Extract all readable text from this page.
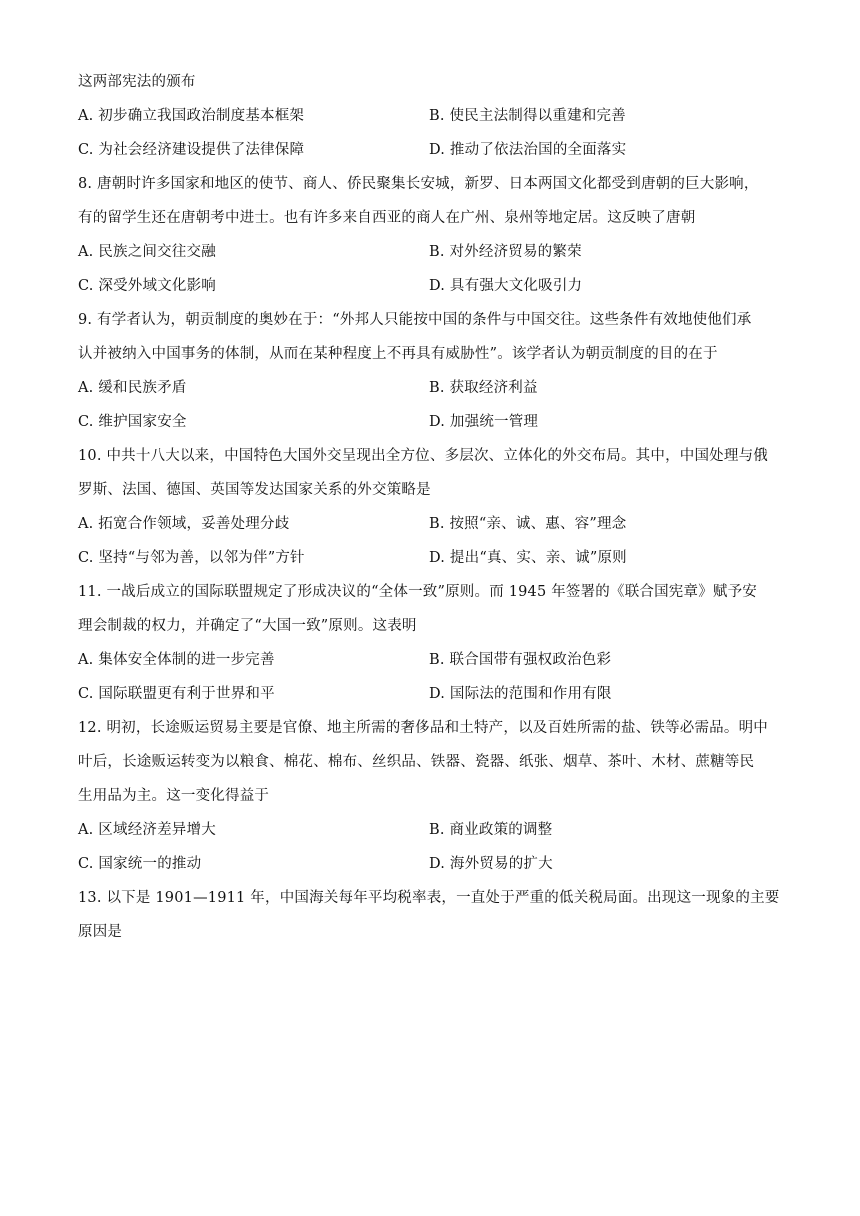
这两部宪法的颁布
A. 初步确立我国政治制度基本框架	B. 使民主法制得以重建和完善
C. 为社会经济建设提供了法律保障	D. 推动了依法治国的全面落实
8. 唐朝时许多国家和地区的使节、商人、侨民聚集长安城，新罗、日本两国文化都受到唐朝的巨大影响，
有的留学生还在唐朝考中进士。也有许多来自西亚的商人在广州、泉州等地定居。这反映了唐朝
A. 民族之间交往交融	B. 对外经济贸易的繁荣
C. 深受外域文化影响	D. 具有强大文化吸引力
9. 有学者认为，朝贡制度的奥妙在于：“外邦人只能按中国的条件与中国交往。这些条件有效地使他们承
认并被纳入中国事务的体制，从而在某种程度上不再具有威胁性”。该学者认为朝贡制度的目的在于
A. 缓和民族矛盾	B. 获取经济利益
C. 维护国家安全	D. 加强统一管理
10. 中共十八大以来，中国特色大国外交呈现出全方位、多层次、立体化的外交布局。其中，中国处理与俄
罗斯、法国、德国、英国等发达国家关系的外交策略是
A. 拓宽合作领域，妥善处理分歧	B. 按照“亲、诚、惠、容”理念
C. 坚持“与邻为善，以邻为伴”方针	D. 提出“真、实、亲、诚”原则
11. 一战后成立的国际联盟规定了形成决议的“全体一致”原则。而 1945 年签署的《联合国宪章》赋予安
理会制裁的权力，并确定了“大国一致”原则。这表明
A. 集体安全体制的进一步完善	B. 联合国带有强权政治色彩
C. 国际联盟更有利于世界和平	D. 国际法的范围和作用有限
12. 明初，长途贩运贸易主要是官僚、地主所需的奢侈品和土特产，以及百姓所需的盐、铁等必需品。明中
叶后，长途贩运转变为以粮食、棉花、棉布、丝织品、铁器、瓷器、纸张、烟草、茶叶、木材、蔗糖等民
生用品为主。这一变化得益于
A. 区域经济差异增大	B. 商业政策的调整
C. 国家统一的推动	D. 海外贸易的扩大
13. 以下是 1901—1911 年，中国海关每年平均税率表，一直处于严重的低关税局面。出现这一现象的主要
原因是
